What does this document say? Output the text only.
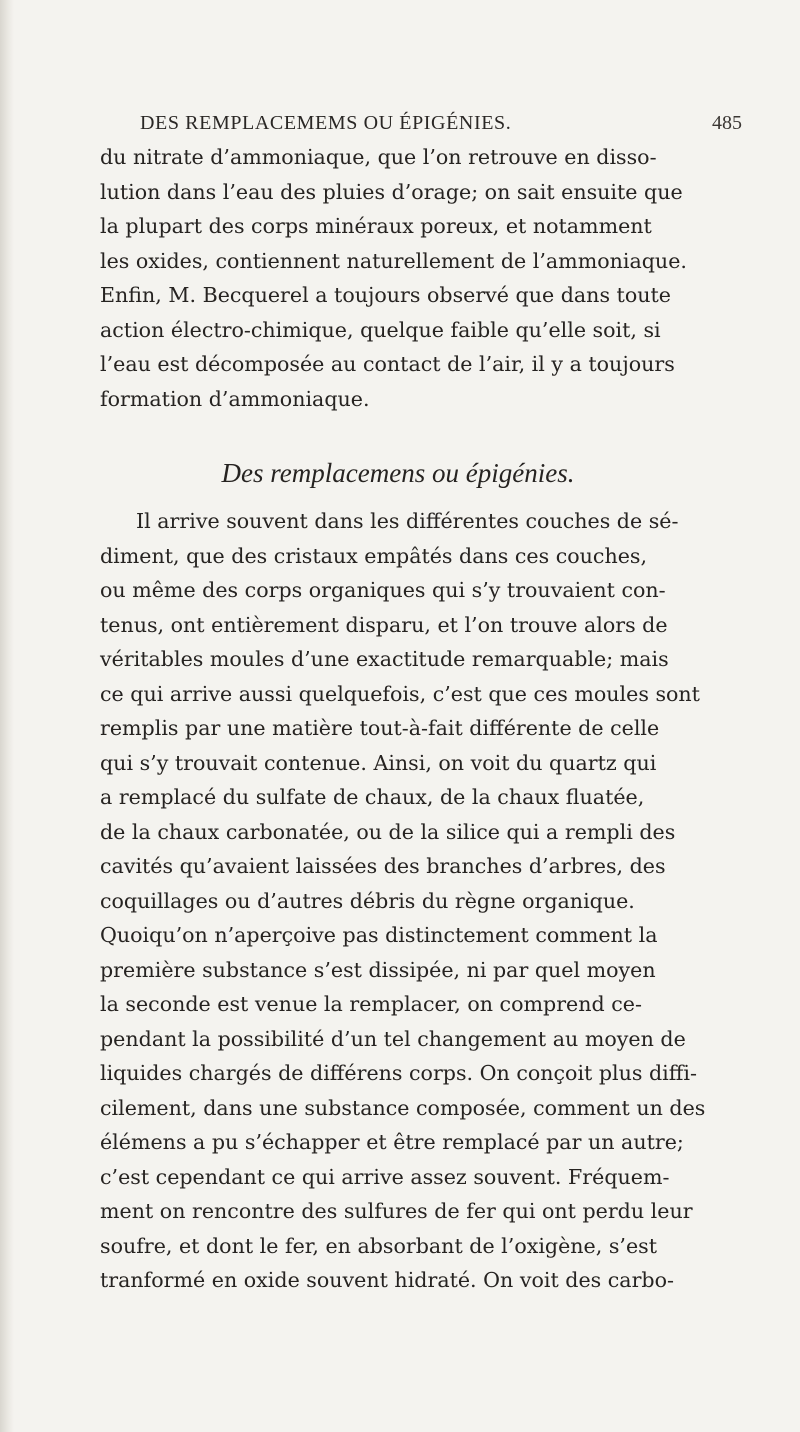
DES REMPLACEMEMS OU ÉPIGÉNIES.	485
du nitrate d’ammoniaque, que l’on retrouve en disso-
lution dans l’eau des pluies d’orage; on sait ensuite que
la plupart des corps minéraux poreux, et notamment
les oxides, contiennent naturellement de l’ammoniaque.
Enfin, M. Becquerel a toujours observé que dans toute
action électro-chimique, quelque faible qu’elle soit, si
l’eau est décomposée au contact de l’air, il y a toujours
formation d’ammoniaque.
Des remplacemens ou épigénies.
Il arrive souvent dans les différentes couches de sé-
diment, que des cristaux empâtés dans ces couches,
ou même des corps organiques qui s’y trouvaient con-
tenus, ont entièrement disparu, et l’on trouve alors de
véritables moules d’une exactitude remarquable; mais
ce qui arrive aussi quelquefois, c’est que ces moules sont
remplis par une matière tout-à-fait différente de celle
qui s’y trouvait contenue. Ainsi, on voit du quartz qui
a remplacé du sulfate de chaux, de la chaux fluatée,
de la chaux carbonatée, ou de la silice qui a rempli des
cavités qu’avaient laissées des branches d’arbres, des
coquillages ou d’autres débris du règne organique.
Quoiqu’on n’aperçoive pas distinctement comment la
première substance s’est dissipée, ni par quel moyen
la seconde est venue la remplacer, on comprend ce-
pendant la possibilité d’un tel changement au moyen de
liquides chargés de différens corps. On conçoit plus diffi-
cilement, dans une substance composée, comment un des
élémens a pu s’échapper et être remplacé par un autre;
c’est cependant ce qui arrive assez souvent. Fréquem-
ment on rencontre des sulfures de fer qui ont perdu leur
soufre, et dont le fer, en absorbant de l’oxigène, s’est
tranformé en oxide souvent hidraté. On voit des carbo-
